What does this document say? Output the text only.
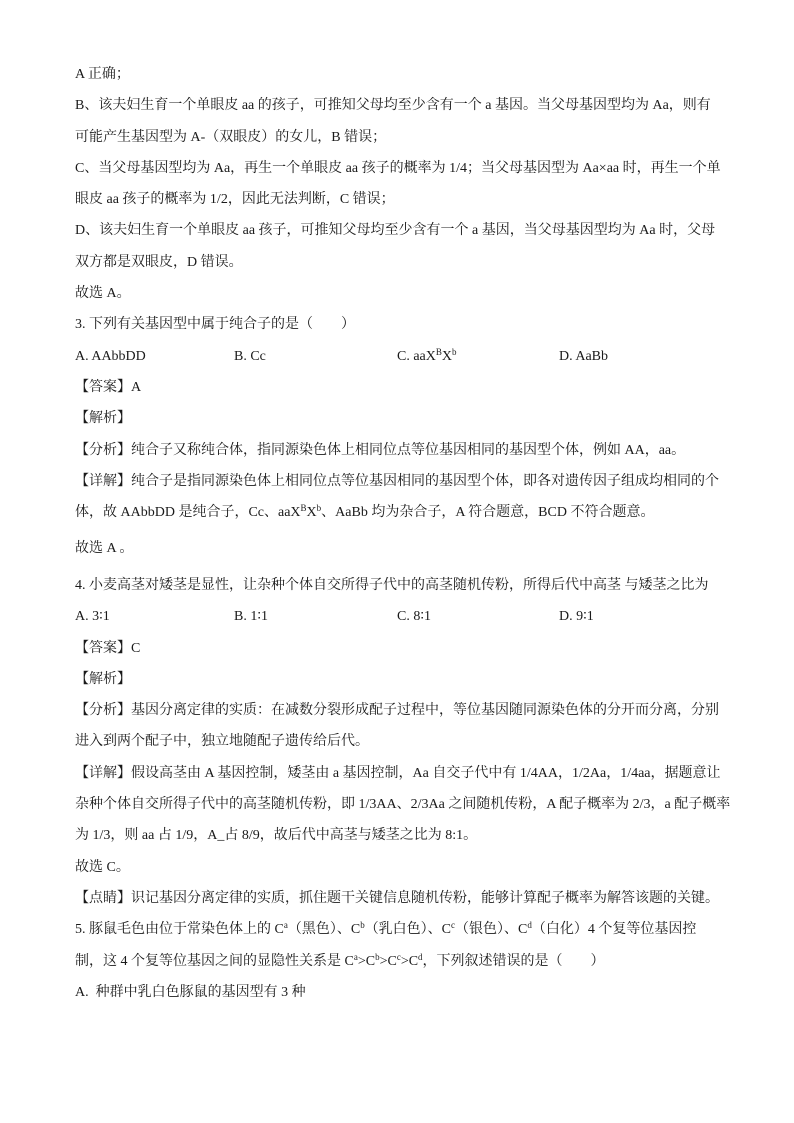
A 正确；
B、该夫妇生育一个单眼皮 aa 的孩子，可推知父母均至少含有一个 a 基因。当父母基因型均为 Aa，则有
可能产生基因型为 A-（双眼皮）的女儿，B 错误；
C、当父母基因型均为 Aa，再生一个单眼皮 aa 孩子的概率为 1/4；当父母基因型为 Aa×aa 时，再生一个单
眼皮 aa 孩子的概率为 1/2，因此无法判断，C 错误；
D、该夫妇生育一个单眼皮 aa 孩子，可推知父母均至少含有一个 a 基因，当父母基因型均为 Aa 时，父母
双方都是双眼皮，D 错误。
故选 A。
3. 下列有关基因型中属于纯合子的是（　　）
A. AAbbDD	B. Cc	C. $aaX^BX^b$	D. AaBb
【答案】A
【解析】
【分析】纯合子又称纯合体，指同源染色体上相同位点等位基因相同的基因型个体，例如 AA，aa。
【详解】纯合子是指同源染色体上相同位点等位基因相同的基因型个体，即各对遗传因子组成均相同的个
体，故 AAbbDD 是纯合子，Cc、$aaX^BX^b$、AaBb 均为杂合子，A 符合题意，BCD 不符合题意。
故选 A 。
4. 小麦高茎对矮茎是显性，让杂种个体自交所得子代中的高茎随机传粉，所得后代中高茎 与矮茎之比为
A. 3∶1	B. 1∶1	C. 8∶1	D. 9∶1
【答案】C
【解析】
【分析】基因分离定律的实质：在减数分裂形成配子过程中，等位基因随同源染色体的分开而分离，分别
进入到两个配子中，独立地随配子遗传给后代。
【详解】假设高茎由 A 基因控制，矮茎由 a 基因控制，Aa 自交子代中有 1/4AA，1/2Aa，1/4aa，据题意让
杂种个体自交所得子代中的高茎随机传粉，即 1/3AA、2/3Aa 之间随机传粉，A 配子概率为 2/3，a 配子概率
为 1/3，则 aa 占 1/9，A_占 8/9，故后代中高茎与矮茎之比为 8:1。
故选 C。
【点睛】识记基因分离定律的实质，抓住题干关键信息随机传粉，能够计算配子概率为解答该题的关键。
5. 豚鼠毛色由位于常染色体上的 $C^a$（黑色）、$C^b$（乳白色）、$C^c$（银色）、$C^d$（白化）4 个复等位基因控
制，这 4 个复等位基因之间的显隐性关系是 $C^a>C^b>C^c>C^d$，下列叙述错误的是（　　）
A.  种群中乳白色豚鼠的基因型有 3 种
